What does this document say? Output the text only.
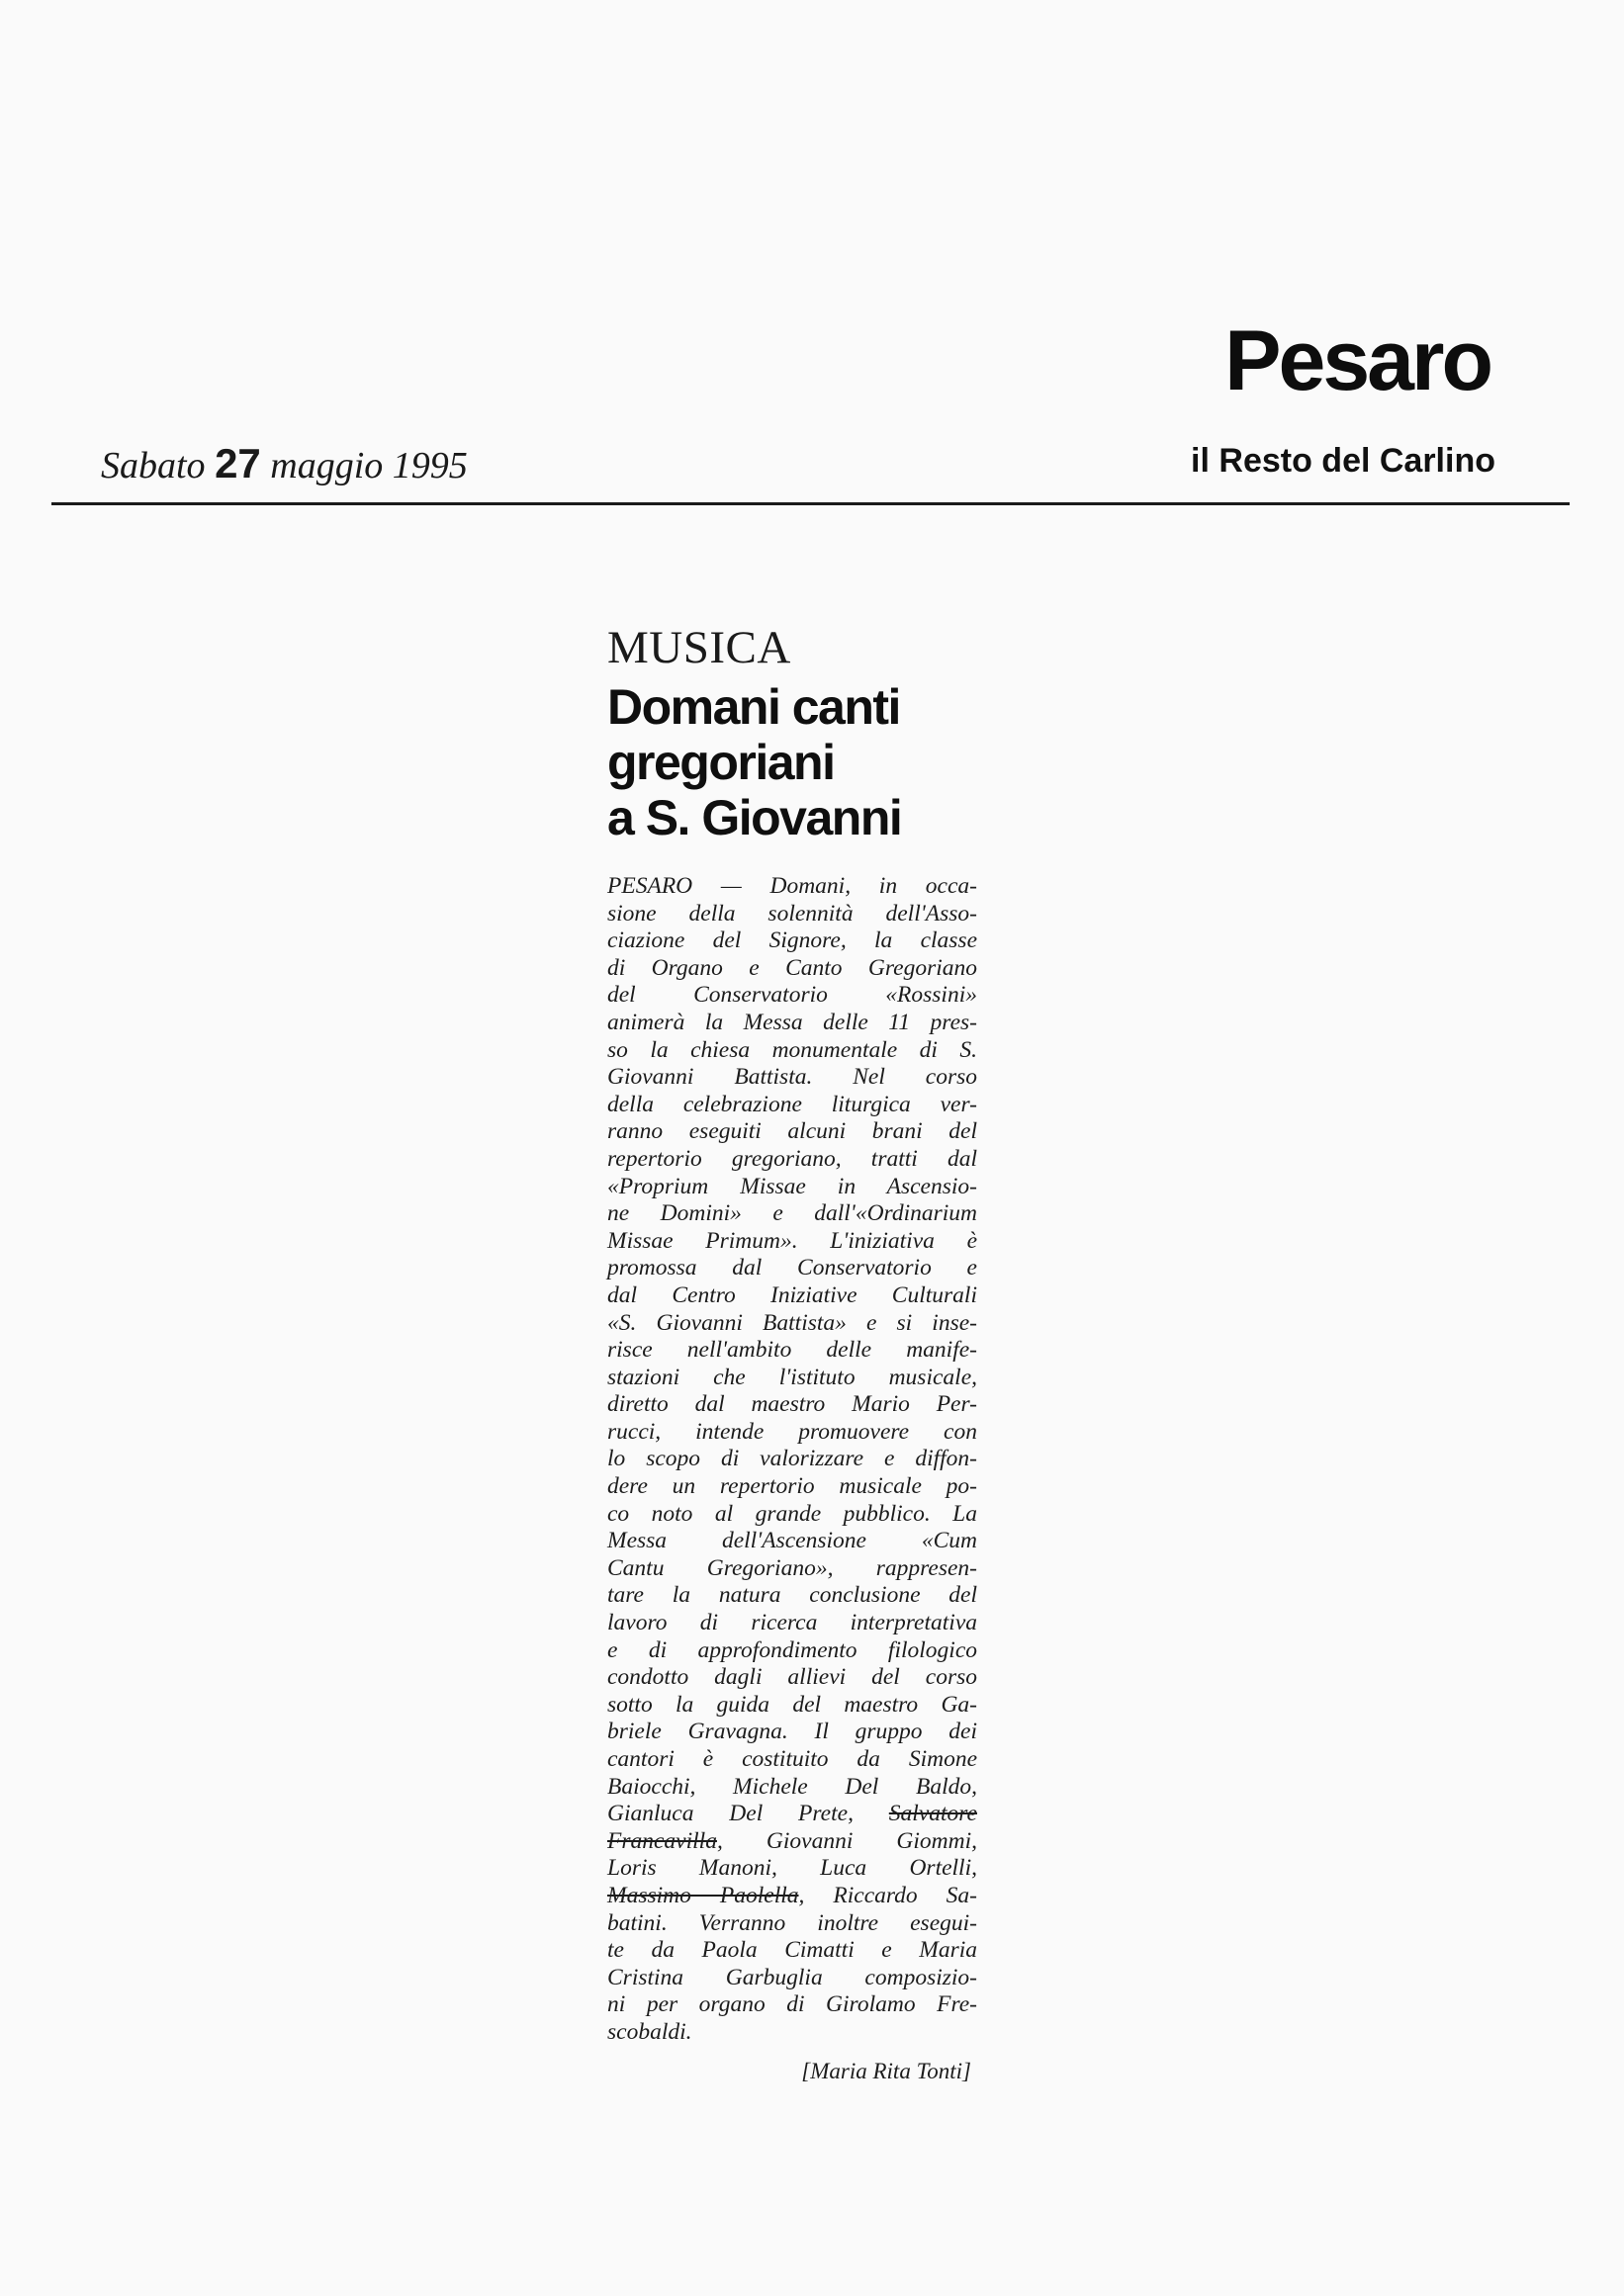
Pesaro
Sabato 27 maggio 1995	il Resto del Carlino
MUSICA
Domani canti
gregoriani
a S. Giovanni
PESARO — Domani, in occa-
sione della solennità dell'Asso-
ciazione del Signore, la classe
di Organo e Canto Gregoriano
del Conservatorio «Rossini»
animerà la Messa delle 11 pres-
so la chiesa monumentale di S.
Giovanni Battista. Nel corso
della celebrazione liturgica ver-
ranno eseguiti alcuni brani del
repertorio gregoriano, tratti dal
«Proprium Missae in Ascensio-
ne Domini» e dall'«Ordinarium
Missae Primum». L'iniziativa è
promossa dal Conservatorio e
dal Centro Iniziative Culturali
«S. Giovanni Battista» e si inse-
risce nell'ambito delle manife-
stazioni che l'istituto musicale,
diretto dal maestro Mario Per-
rucci, intende promuovere con
lo scopo di valorizzare e diffon-
dere un repertorio musicale po-
co noto al grande pubblico. La
Messa dell'Ascensione «Cum
Cantu Gregoriano», rappresen-
tare la natura conclusione del
lavoro di ricerca interpretativa
e di approfondimento filologico
condotto dagli allievi del corso
sotto la guida del maestro Ga-
briele Gravagna. Il gruppo dei
cantori è costituito da Simone
Baiocchi, Michele Del Baldo,
Gianluca Del Prete, Salvatore
Francavilla, Giovanni Giommi,
Loris Manoni, Luca Ortelli,
Massimo Paolella, Riccardo Sa-
batini. Verranno inoltre esegui-
te da Paola Cimatti e Maria
Cristina Garbuglia composizio-
ni per organo di Girolamo Fre-
scobaldi.
[Maria Rita Tonti]
